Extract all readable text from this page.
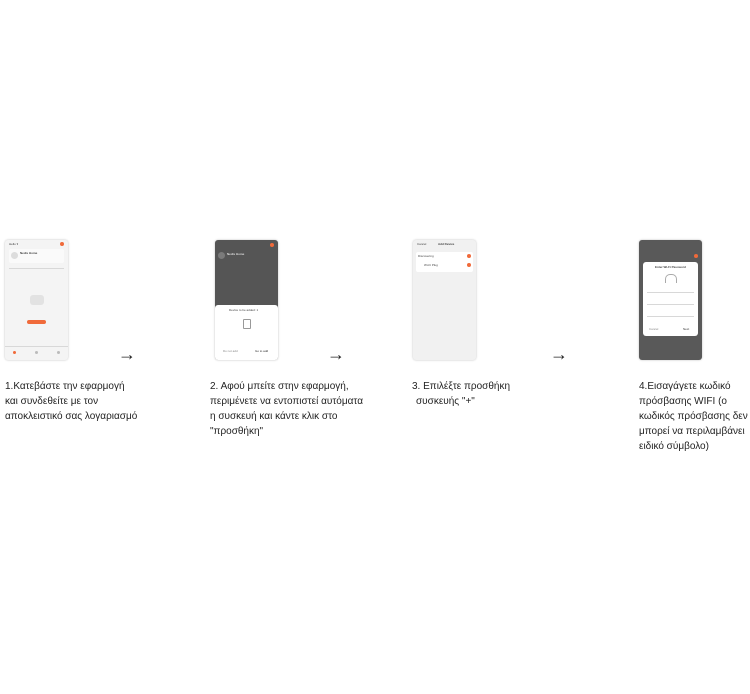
Hello ▾
Nedis Home	Nedis Home
Device to be added: 1
Do not add	Go to add
Cancel	Add Device
Discovering
Wi-Fi Plug	Enter Wi-Fi Password
Cancel	Next
→	→	→
1.Κατεβάστε την εφαρμογή
και συνδεθείτε με τον
αποκλειστικό σας λογαριασμό
2. Αφού μπείτε στην εφαρμογή,
περιμένετε να εντοπιστεί αυτόματα
η συσκευή και κάντε κλικ στο
"προσθήκη"
3. Επιλέξτε προσθήκη
συσκευής "+"
4.Εισαγάγετε κωδικό
πρόσβασης WIFI (ο
κωδικός πρόσβασης δεν
μπορεί να περιλαμβάνει
ειδικό σύμβολο)
